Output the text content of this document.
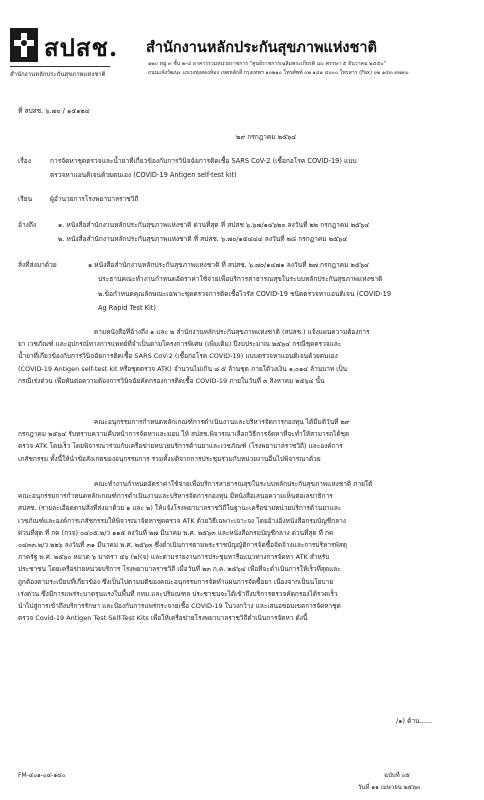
สปสช.
สำนักงานหลักประกันสุขภาพแห่งชาติ
สำนักงานหลักประกันสุขภาพแห่งชาติ
๑๒๐ หมู่ ๓ ชั้น ๒-๔ อาคารรวมหน่วยราชการ "ศูนย์ราชการเฉลิมพระเกียรติ ๘๐ พรรษา ๕ ธันวาคม ๒๕๕๐"
ถนนแจ้งวัฒนะ แขวงทุ่งสองห้อง เขตหลักสี่ กรุงเทพฯ ๑๐๒๑๐ โทรศัพท์ ๐๒ ๑๔๑ ๔๐๐๐ โทรสาร (Fax) ๐๒ ๑๔๓ ๙๗๓๐
ที่ สปสช. ๖.๗๐ / ๑๕๑๒๔
๒๙ กรกฎาคม ๒๕๖๔
เรื่อง	การจัดหาชุดตรวจและน้ำยาที่เกี่ยวข้องกับการวินิจฉัยการติดเชื้อ SARS CoV-2 (เชื้อก่อโรค COVID-19) แบบ
ตรวจหาแอนติเจนด้วยตนเอง (COVID-19 Antigen self-test kit)
เรียน	ผู้อำนวยการโรงพยาบาลราชวิถี
อ้างถึง	๑. หนังสือสำนักงานหลักประกันสุขภาพแห่งชาติ ด่วนที่สุด ที่ สปสช ๖.๖๗/๑๔๖๒๐ ลงวันที่ ๒๒ กรกฎาคม ๒๕๖๔
๒. หนังสือสำนักงานหลักประกันสุขภาพแห่งชาติ ที่ สปสช. ๖.๗๐/๑๕๔๔๔ ลงวันที่ ๒๘ กรกฎาคม ๒๕๖๔
สิ่งที่ส่งมาด้วย	๑ หนังสือสำนักงานหลักประกันสุขภาพแห่งชาติ ที่ สปสช. ๖.๗๐/๑๔๗๑ ลงวันที่ ๒๗ กรกฎาคม ๒๕๖๔
ประธานคณะทำงานกำหนดอัตราค่าใช้จ่ายเพื่อบริการสาธารณสุขในระบบหลักประกันสุขภาพแห่งชาติ
๒.ข้อกำหนดคุณลักษณะเฉพาะชุดตรวจการติดเชื้อไวรัส COVID-19 ชนิดตรวจหาแอนติเจน (COVID-19
Ag Rapid Test Kit)
ตามหนังสือที่อ้างถึง ๑ และ ๒ สำนักงานหลักประกันสุขภาพแห่งชาติ (สปสช.) แจ้งแผนความต้องการ
ยา เวชภัณฑ์ และอุปกรณ์ทางการแพทย์ที่จำเป็นตามโครงการพิเศษ (เพิ่มเติม) ปีงบประมาณ ๒๕๖๔ กรณีชุดตรวจและ
น้ำยาที่เกี่ยวข้องกับการวินิจฉัยการติดเชื้อ SARS CoV-2 (เชื้อก่อโรค COVID-19) แบบตรวจหาแอนติเจนด้วยตนเอง
(COVID-19 Antigen self-test kit หรือชุดตรวจ ATK) จำนวนไม่เกิน ๘.๕ ล้านชุด ภายใต้วงเงิน ๑,๐๑๔ ล้านบาท เป็น
กรณีเร่งด่วน เพื่อทันต่อความต้องการวินิจฉัยคัดกรองการติดเชื้อ COVID-19 ภายในวันที่ ๓ สิงหาคม ๒๕๖๔ นั้น
คณะอนุกรรมการกำหนดหลักเกณฑ์การดำเนินงานและบริหารจัดการกองทุน ได้มีมติวันที่ ๒๙
กรกฎาคม ๒๕๖๔ รับทราบความคืบหน้าการจัดหาและมอบ ให้ สปสช.พิจารณาเลือกวิธีการจัดหาที่จะทำให้สามารถได้ชุด
ตรวจ ATK โดยเร็ว โดยพิจารณาร่วมกับเครือข่ายหน่วยบริการด้านยาและเวชภัณฑ์ (โรงพยาบาลราชวิถี) และองค์การ
เภสัชกรรม ทั้งนี้ให้นำข้อสังเกตของอนุกรรมการ รวมทั้งมติจากการประชุมร่วมกับหน่วยงานอื่นไปพิจารณาด้วย
คณะทำงานกำหนดอัตราค่าใช้จ่ายเพื่อบริการสาธารณสุขในระบบหลักประกันสุขภาพแห่งชาติ ภายใต้
คณะอนุกรรมการกำหนดหลักเกณฑ์การดำเนินงานและบริหารจัดการกองทุน มีหนังสือเสนอความเห็นต่อเลขาธิการ
สปสช. (รายละเอียดตามสิ่งที่ส่งมาด้วย ๑ และ ๒) ให้แจ้งโรงพยาบาลราชวิถีในฐานะเครือข่ายหน่วยบริการด้านยาและ
เวชภัณฑ์และองค์การเภสัชกรรมให้พิจารณาจัดหาชุดตรวจ ATK ด้วยวิธีเฉพาะเจาะจง โดยอ้างอิงหนังสือกรมบัญชีกลาง
ด่วนที่สุด ที่ กค (กวจ) ๐๔๐๕.๒/ว ๑๑๕ ลงวันที่ ๒๗ มีนาคม พ.ศ. ๒๕๖๓ และหนังสือกรมบัญชีกลาง ด่วนที่สุด ที่ กค
๐๔๓๓.๒/ว ๒๒๖ ลงวันที่ ๓๑ มีนาคม พ.ศ. ๒๕๖๓ ซึ่งดำเนินการตามพระราชบัญญัติการจัดซื้อจัดจ้างและการบริหารพัสดุ
ภาครัฐ พ.ศ. ๒๕๖๐ หมวด ๖ มาตรา ๕๖ (๒)(จ) และตามรายงานการประชุมหารือแนวทางการจัดหา ATK สำหรับ
ประชาชน โดยเครือข่ายหน่วยบริการ โรงพยาบาลราชวิถี เมื่อวันที่ ๒๓ ก.ค. ๒๕๖๔ เพื่อที่จะดำเนินการให้เร็วที่สุดและ
ถูกต้องตามระเบียบที่เกี่ยวข้อง ซึ่งเป็นไปตามมติของคณะอนุกรรมการจัดทำแผนการจัดซื้อยา เนื่องจากเป็นนโยบาย
เร่งด่วน ซึ่งมีการแพร่ระบาดรุนแรงในพื้นที่ กทม.และปริมณฑล ประชาชนจะได้เข้าถึงบริการตรวจคัดกรองได้รวดเร็ว
นำไปสู่การเข้าถึงบริการรักษา และป้องกันการแพร่กระจายเชื้อ COVID-19 ในวงกว้าง และเสนอขอบเขตการจัดหาชุด
ตรวจ Covid-19 Antigen Test Self-Test Kits เพื่อให้เครือข่ายโรงพยาบาลราชวิถีดำเนินการจัดหา ดังนี้
/๑) ด้าน......
FM-๔๐๑-๐๔-๑๔๐	ฉบับที่ ๐๕
วันที่ ๑๑ เมษายน ๒๕๖๓
